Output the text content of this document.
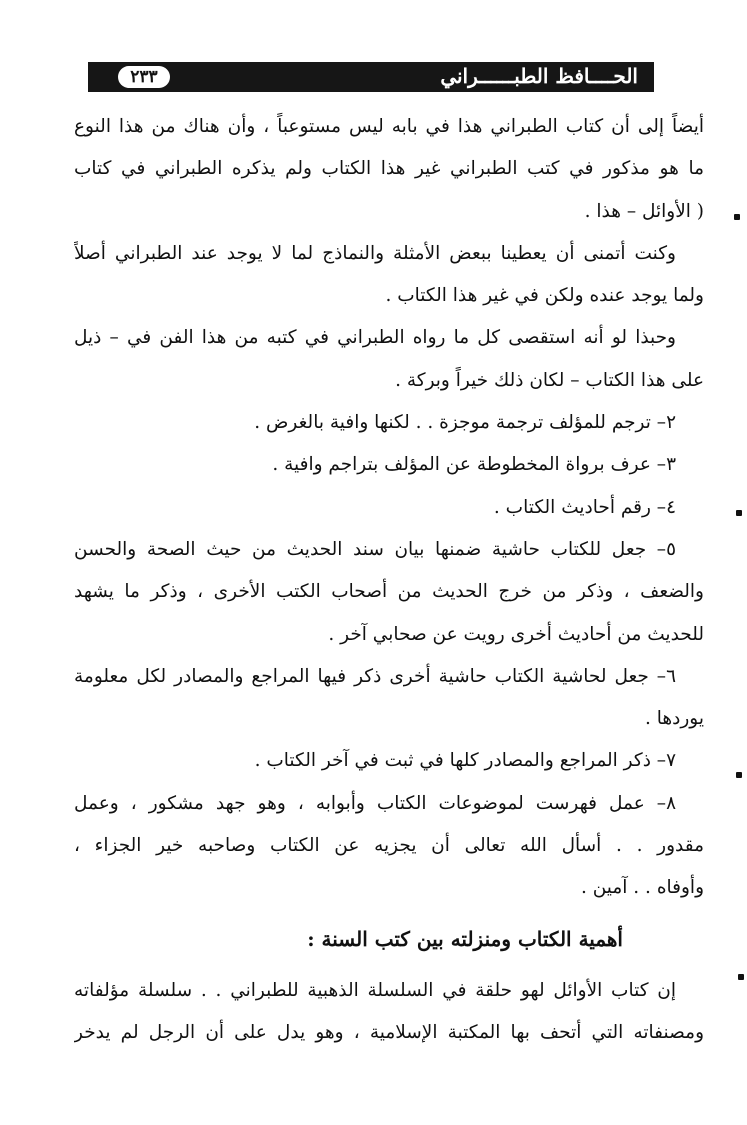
الحــــافظ الطبــــــراني
٢٣٣
أيضاً إلى أن كتاب الطبراني هذا في بابه ليس مستوعباً ، وأن هناك من هذا النوع
ما هو مذكور في كتب الطبراني غير هذا الكتاب ولم يذكره الطبراني في كتاب
( الأوائل – هذا .
وكنت أتمنى أن يعطينا ببعض الأمثلة والنماذج لما لا يوجد عند الطبراني أصلاً
ولما يوجد عنده ولكن في غير هذا الكتاب .
وحبذا لو أنه استقصى كل ما رواه الطبراني في كتبه من هذا الفن في – ذيل
على هذا الكتاب – لكان ذلك خيراً وبركة .
٢– ترجم للمؤلف ترجمة موجزة . . لكنها وافية بالغرض .
٣– عرف برواة المخطوطة عن المؤلف بتراجم وافية .
٤– رقم أحاديث الكتاب .
٥– جعل للكتاب حاشية ضمنها بيان سند الحديث من حيث الصحة والحسن
والضعف ، وذكر من خرج الحديث من أصحاب الكتب الأخرى ، وذكر ما يشهد
للحديث من أحاديث أخرى رويت عن صحابي آخر .
٦– جعل لحاشية الكتاب حاشية أخرى ذكر فيها المراجع والمصادر لكل معلومة
يوردها .
٧– ذكر المراجع والمصادر كلها في ثبت في آخر الكتاب .
٨– عمل فهرست لموضوعات الكتاب وأبوابه ، وهو جهد مشكور ، وعمل
مقدور . . أسأل الله تعالى أن يجزيه عن الكتاب وصاحبه خير الجزاء ،
وأوفاه . . آمين .
أهمية الكتاب ومنزلته بين كتب السنة :
إن كتاب الأوائل لهو حلقة في السلسلة الذهبية للطبراني . . سلسلة مؤلفاته
ومصنفاته التي أتحف بها المكتبة الإسلامية ، وهو يدل على أن الرجل لم يدخر
